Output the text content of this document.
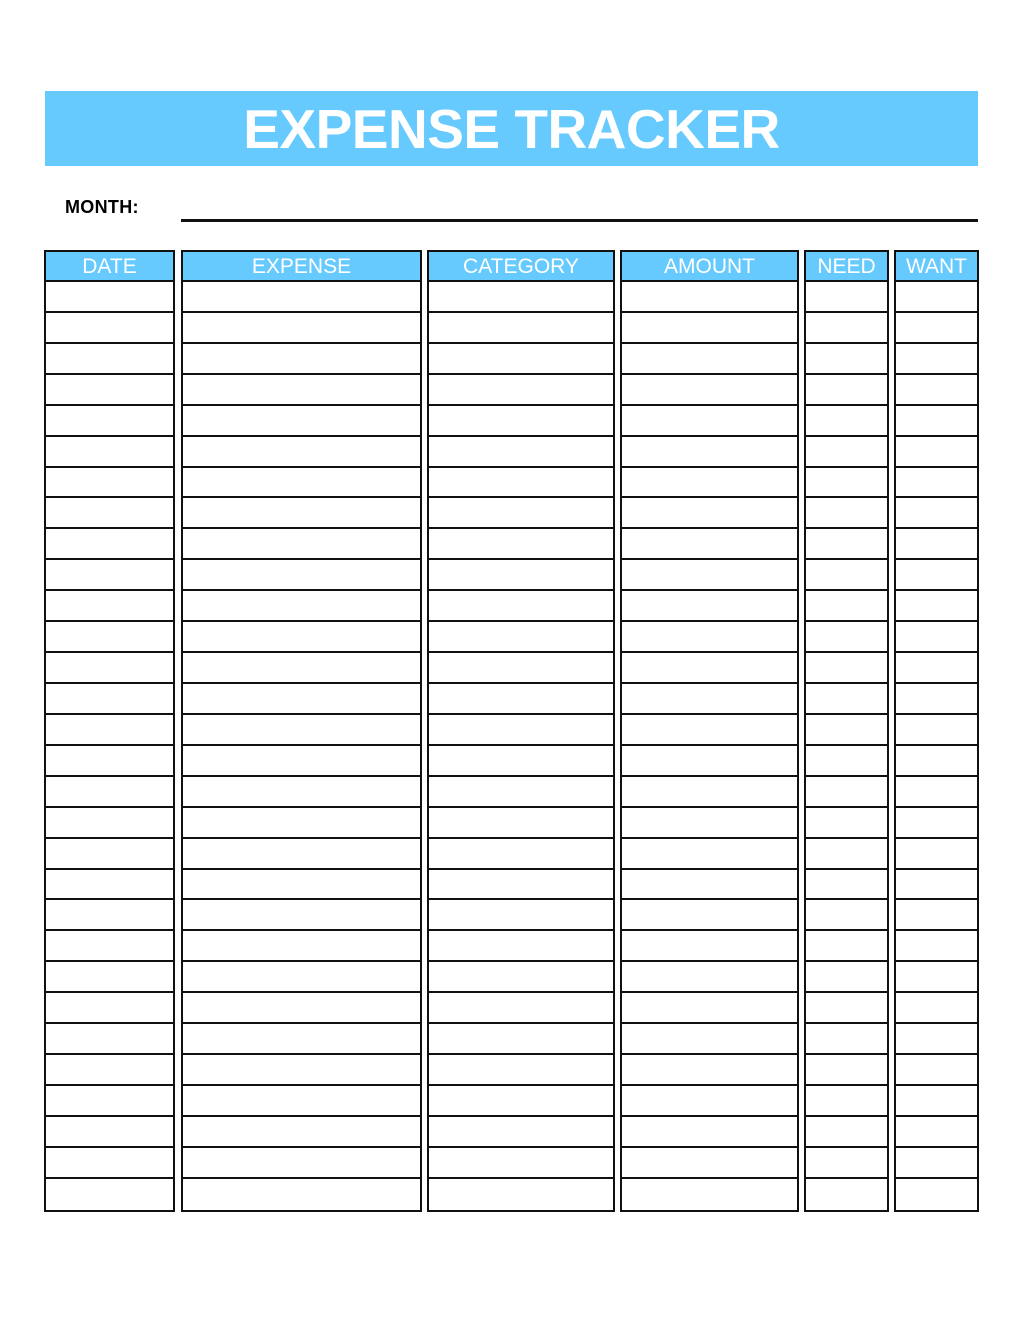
EXPENSE TRACKER
MONTH:
DATE	EXPENSE	CATEGORY	AMOUNT	NEED	WANT
